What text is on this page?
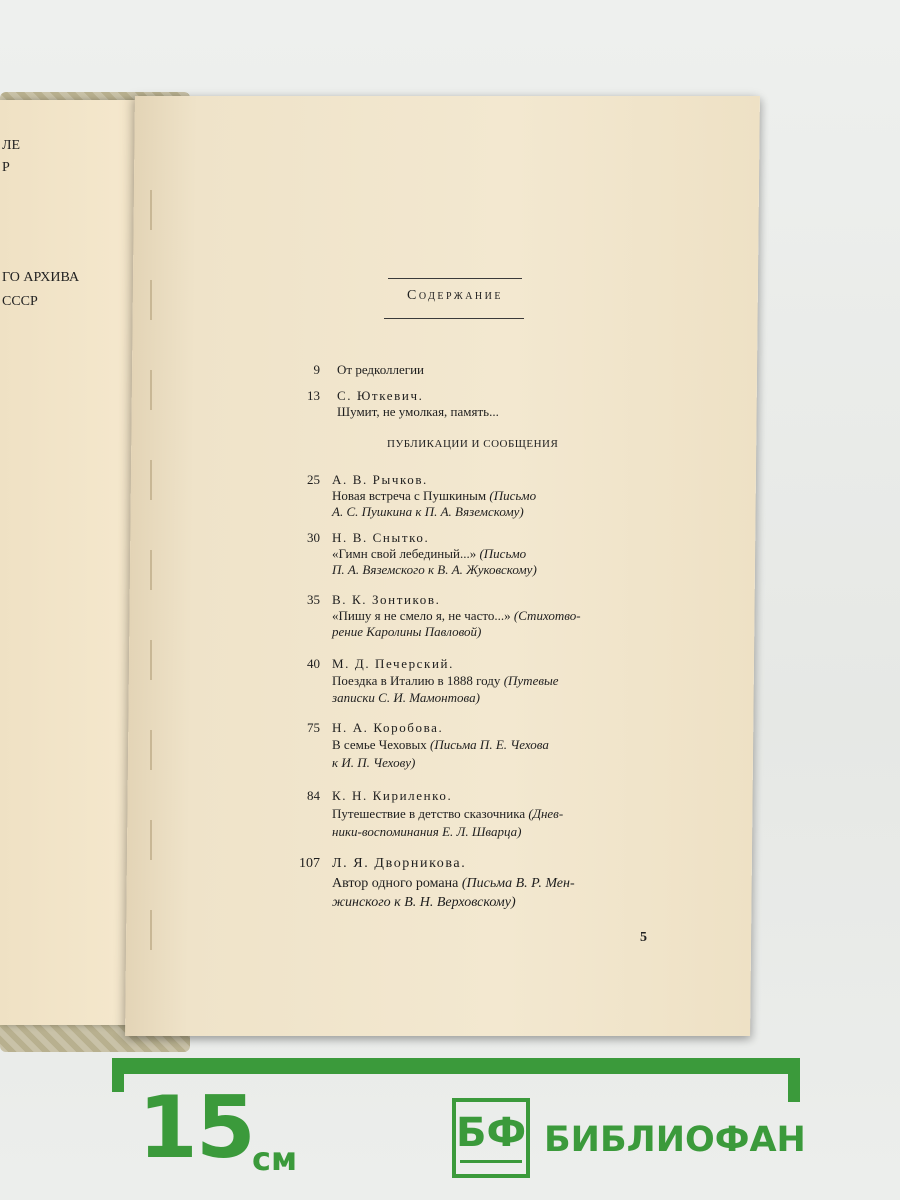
ЛЕ
Р
ГО АРХИВА
СССР	Содержание
9 От редколлегии
13 С. Юткевич.
Шумит, не умолкая, память...
ПУБЛИКАЦИИ И СООБЩЕНИЯ
25 А. В. Рычков.
Новая встреча с Пушкиным (Письмо
А. С. Пушкина к П. А. Вяземскому)
30 Н. В. Снытко.
«Гимн свой лебединый...» (Письмо
П. А. Вяземского к В. А. Жуковскому)
35 В. К. Зонтиков.
«Пишу я не смело я, не часто...» (Стихотво-
рение Каролины Павловой)
40 М. Д. Печерский.
Поездка в Италию в 1888 году (Путевые
записки С. И. Мамонтова)
75 Н. А. Коробова.
В семье Чеховых (Письма П. Е. Чехова
к И. П. Чехову)
84 К. Н. Кириленко.
Путешествие в детство сказочника (Днев-
ники-воспоминания Е. Л. Шварца)
107 Л. Я. Дворникова.
Автор одного романа (Письма В. Р. Мен-
жинского к В. Н. Верховскому)
5
15
см
БФ БИБЛИОФАН
